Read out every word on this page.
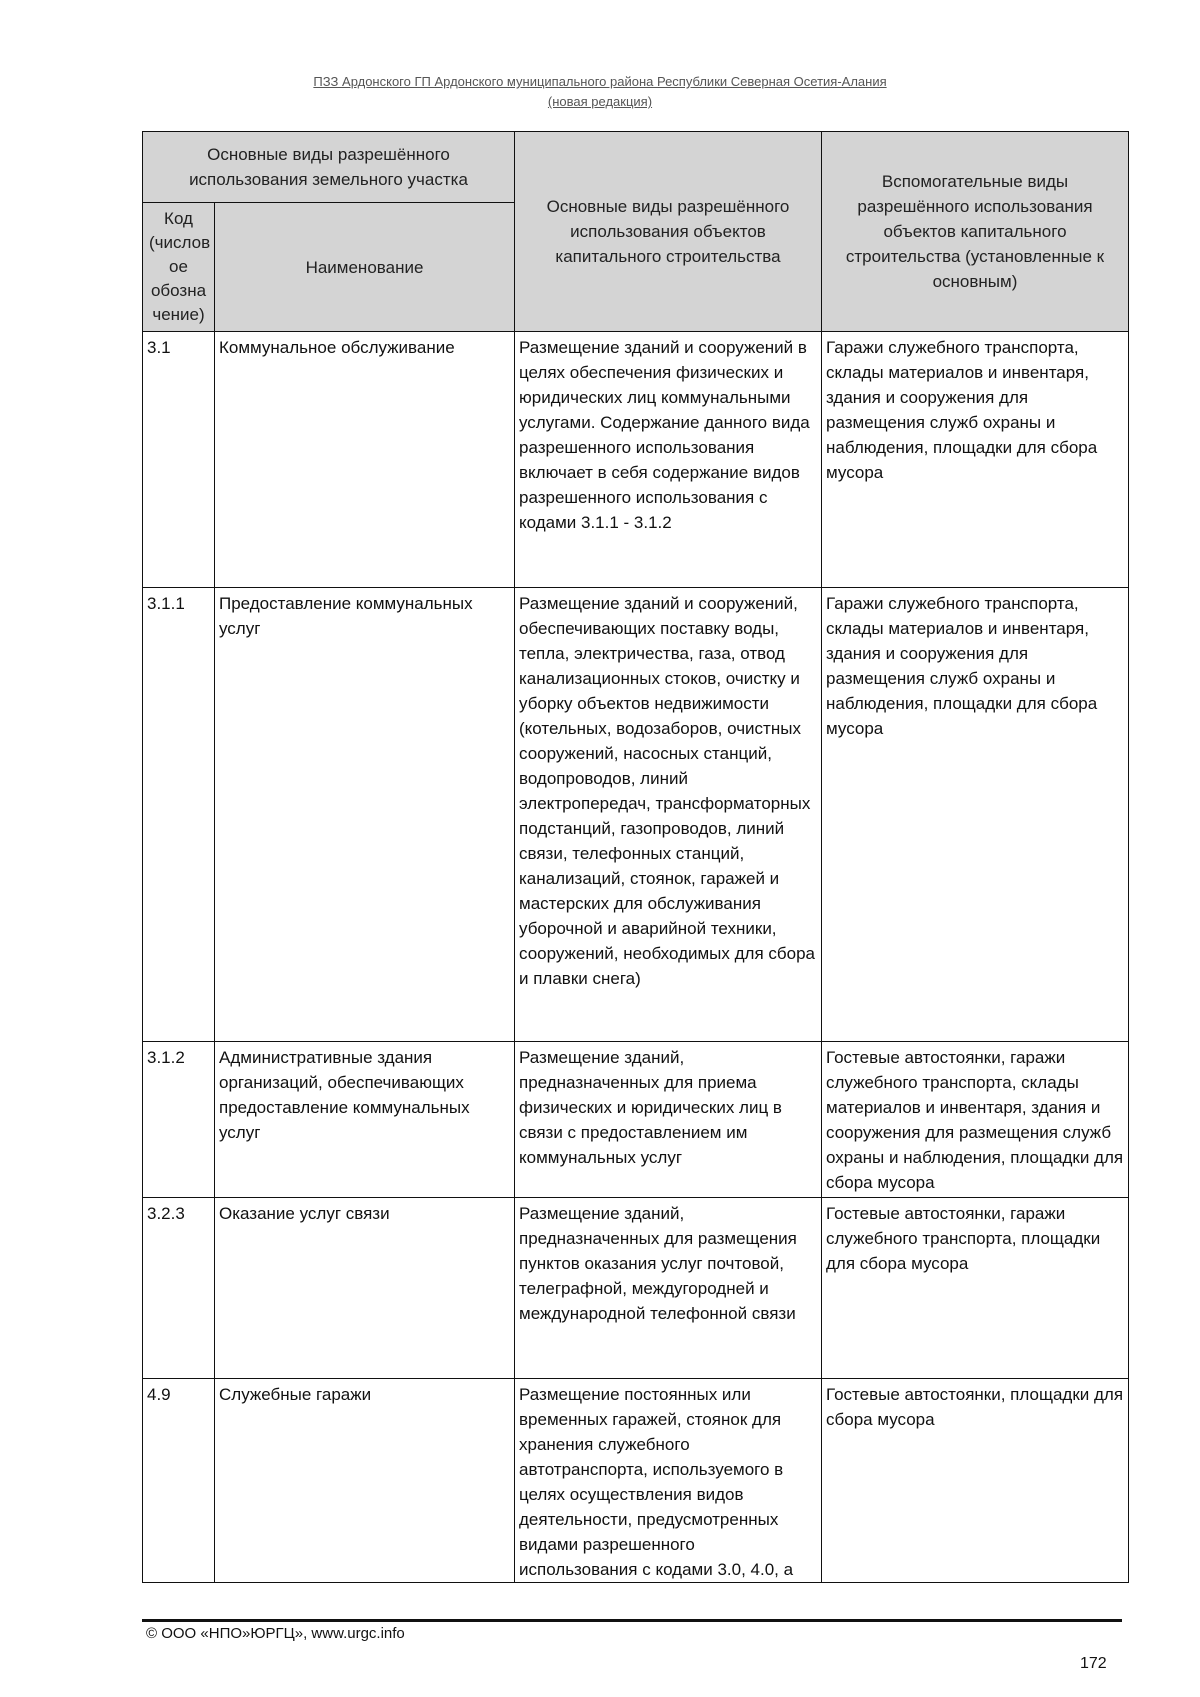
ПЗЗ Ардонского ГП Ардонского муниципального района Республики Северная Осетия-Алания
(новая редакция)
Основные виды разрешённого использования земельного участка		Основные виды разрешённого использования объектов капитального строительства	Вспомогательные виды разрешённого использования объектов капитального строительства (установленные к основным)
Код (числов ое обозна чение)	Наименование		
3.1	Коммунальное обслуживание	Размещение зданий и сооружений в целях обеспечения физических и юридических лиц коммунальными услугами. Содержание данного вида разрешенного использования включает в себя содержание видов разрешенного использования с кодами 3.1.1 - 3.1.2	Гаражи служебного транспорта, склады материалов и инвентаря, здания и сооружения для размещения служб охраны и наблюдения, площадки для сбора мусора
3.1.1	Предоставление коммунальных услуг	Размещение зданий и сооружений, обеспечивающих поставку воды, тепла, электричества, газа, отвод канализационных стоков, очистку и уборку объектов недвижимости (котельных, водозаборов, очистных сооружений, насосных станций, водопроводов, линий электропередач, трансформаторных подстанций, газопроводов, линий связи, телефонных станций, канализаций, стоянок, гаражей и мастерских для обслуживания уборочной и аварийной техники, сооружений, необходимых для сбора и плавки снега)	Гаражи служебного транспорта, склады материалов и инвентаря, здания и сооружения для размещения служб охраны и наблюдения, площадки для сбора мусора
3.1.2	Административные здания организаций, обеспечивающих предоставление коммунальных услуг	Размещение зданий, предназначенных для приема физических и юридических лиц в связи с предоставлением им коммунальных услуг	Гостевые автостоянки, гаражи служебного транспорта, склады материалов и инвентаря, здания и сооружения для размещения служб охраны и наблюдения, площадки для сбора мусора
3.2.3	Оказание услуг связи	Размещение зданий, предназначенных для размещения пунктов оказания услуг почтовой, телеграфной, междугородней и международной телефонной связи	Гостевые автостоянки, гаражи служебного транспорта, площадки для сбора мусора
4.9	Служебные гаражи	Размещение постоянных или временных гаражей, стоянок для хранения служебного автотранспорта, используемого в целях осуществления видов деятельности, предусмотренных видами разрешенного использования с кодами 3.0, 4.0, а	Гостевые автостоянки, площадки для сбора мусора
© ООО «НПО»ЮРГЦ», www.urgc.info
172
